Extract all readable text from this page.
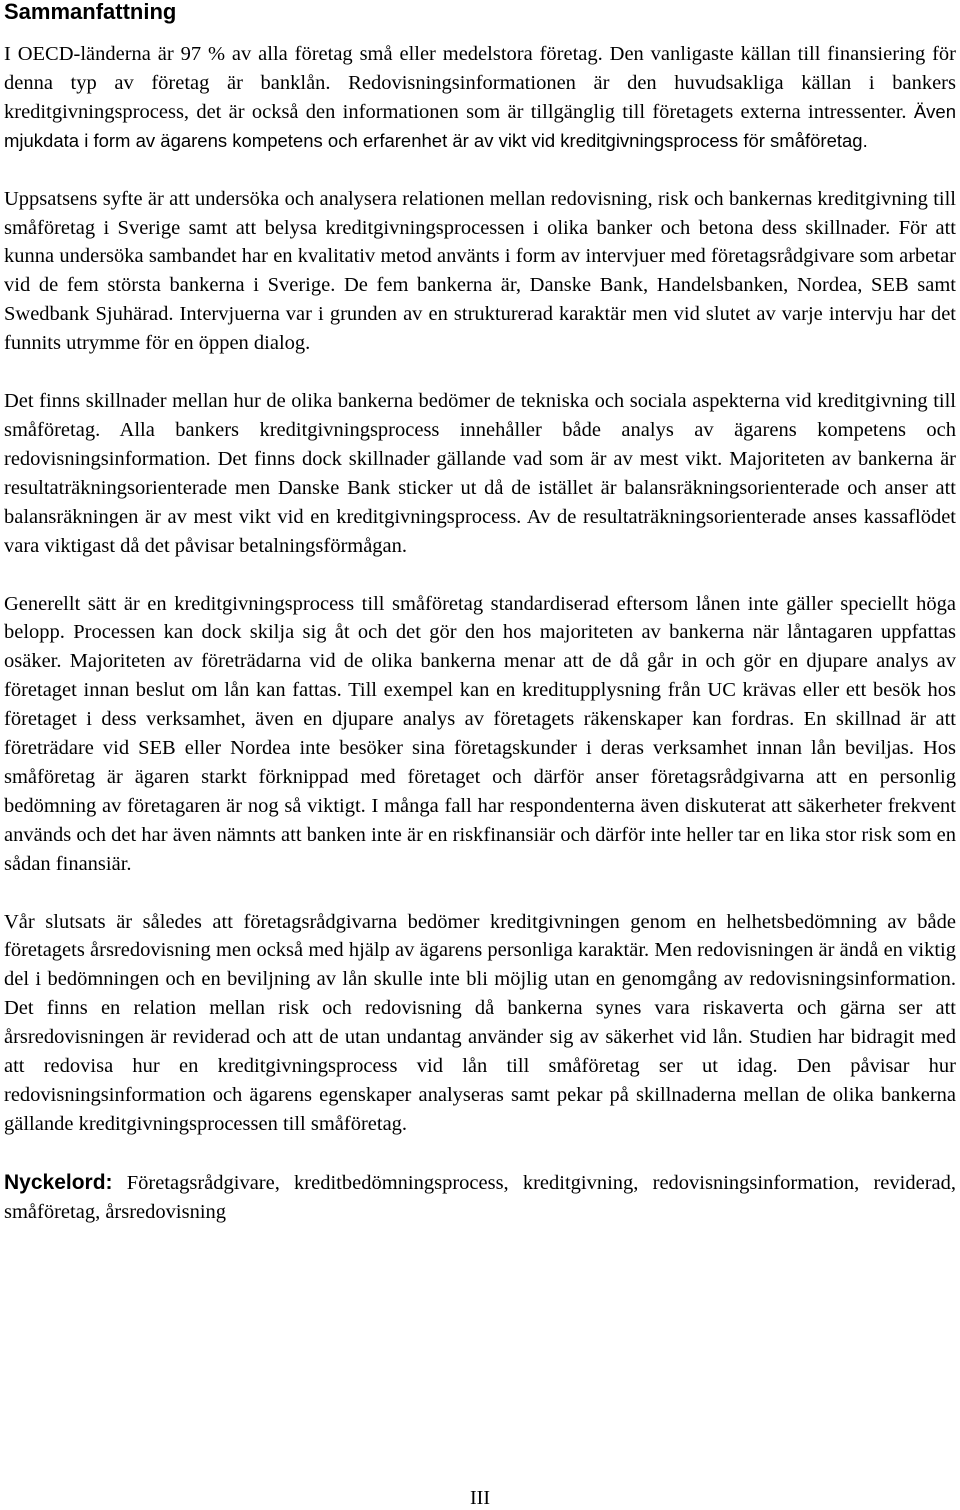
Sammanfattning

I OECD-länderna är 97 % av alla företag små eller medelstora företag. Den vanligaste källan till finansiering för denna typ av företag är banklån. Redovisningsinformationen är den huvudsakliga källan i bankers kreditgivningsprocess, det är också den informationen som är tillgänglig till företagets externa intressenter. Även mjukdata i form av ägarens kompetens och erfarenhet är av vikt vid kreditgivningsprocess för småföretag.

Uppsatsens syfte är att undersöka och analysera relationen mellan redovisning, risk och bankernas kreditgivning till småföretag i Sverige samt att belysa kreditgivningsprocessen i olika banker och betona dess skillnader. För att kunna undersöka sambandet har en kvalitativ metod använts i form av intervjuer med företagsrådgivare som arbetar vid de fem största bankerna i Sverige. De fem bankerna är, Danske Bank, Handelsbanken, Nordea, SEB samt Swedbank Sjuhärad. Intervjuerna var i grunden av en strukturerad karaktär men vid slutet av varje intervju har det funnits utrymme för en öppen dialog.

Det finns skillnader mellan hur de olika bankerna bedömer de tekniska och sociala aspekterna vid kreditgivning till småföretag. Alla bankers kreditgivningsprocess innehåller både analys av ägarens kompetens och redovisningsinformation. Det finns dock skillnader gällande vad som är av mest vikt. Majoriteten av bankerna är resultaträkningsorienterade men Danske Bank sticker ut då de istället är balansräkningsorienterade och anser att balansräkningen är av mest vikt vid en kreditgivningsprocess. Av de resultaträkningsorienterade anses kassaflödet vara viktigast då det påvisar betalningsförmågan.

Generellt sätt är en kreditgivningsprocess till småföretag standardiserad eftersom lånen inte gäller speciellt höga belopp. Processen kan dock skilja sig åt och det gör den hos majoriteten av bankerna när låntagaren uppfattas osäker. Majoriteten av företrädarna vid de olika bankerna menar att de då går in och gör en djupare analys av företaget innan beslut om lån kan fattas. Till exempel kan en kreditupplysning från UC krävas eller ett besök hos företaget i dess verksamhet, även en djupare analys av företagets räkenskaper kan fordras. En skillnad är att företrädare vid SEB eller Nordea inte besöker sina företagskunder i deras verksamhet innan lån beviljas. Hos småföretag är ägaren starkt förknippad med företaget och därför anser företagsrådgivarna att en personlig bedömning av företagaren är nog så viktigt. I många fall har respondenterna även diskuterat att säkerheter frekvent används och det har även nämnts att banken inte är en riskfinansiär och därför inte heller tar en lika stor risk som en sådan finansiär.

Vår slutsats är således att företagsrådgivarna bedömer kreditgivningen genom en helhetsbedömning av både företagets årsredovisning men också med hjälp av ägarens personliga karaktär. Men redovisningen är ändå en viktig del i bedömningen och en beviljning av lån skulle inte bli möjlig utan en genomgång av redovisningsinformation. Det finns en relation mellan risk och redovisning då bankerna synes vara riskaverta och gärna ser att årsredovisningen är reviderad och att de utan undantag använder sig av säkerhet vid lån. Studien har bidragit med att redovisa hur en kreditgivningsprocess vid lån till småföretag ser ut idag. Den påvisar hur redovisningsinformation och ägarens egenskaper analyseras samt pekar på skillnaderna mellan de olika bankerna gällande kreditgivningsprocessen till småföretag.

Nyckelord: Företagsrådgivare, kreditbedömningsprocess, kreditgivning, redovisningsinformation, reviderad, småföretag, årsredovisning

III
